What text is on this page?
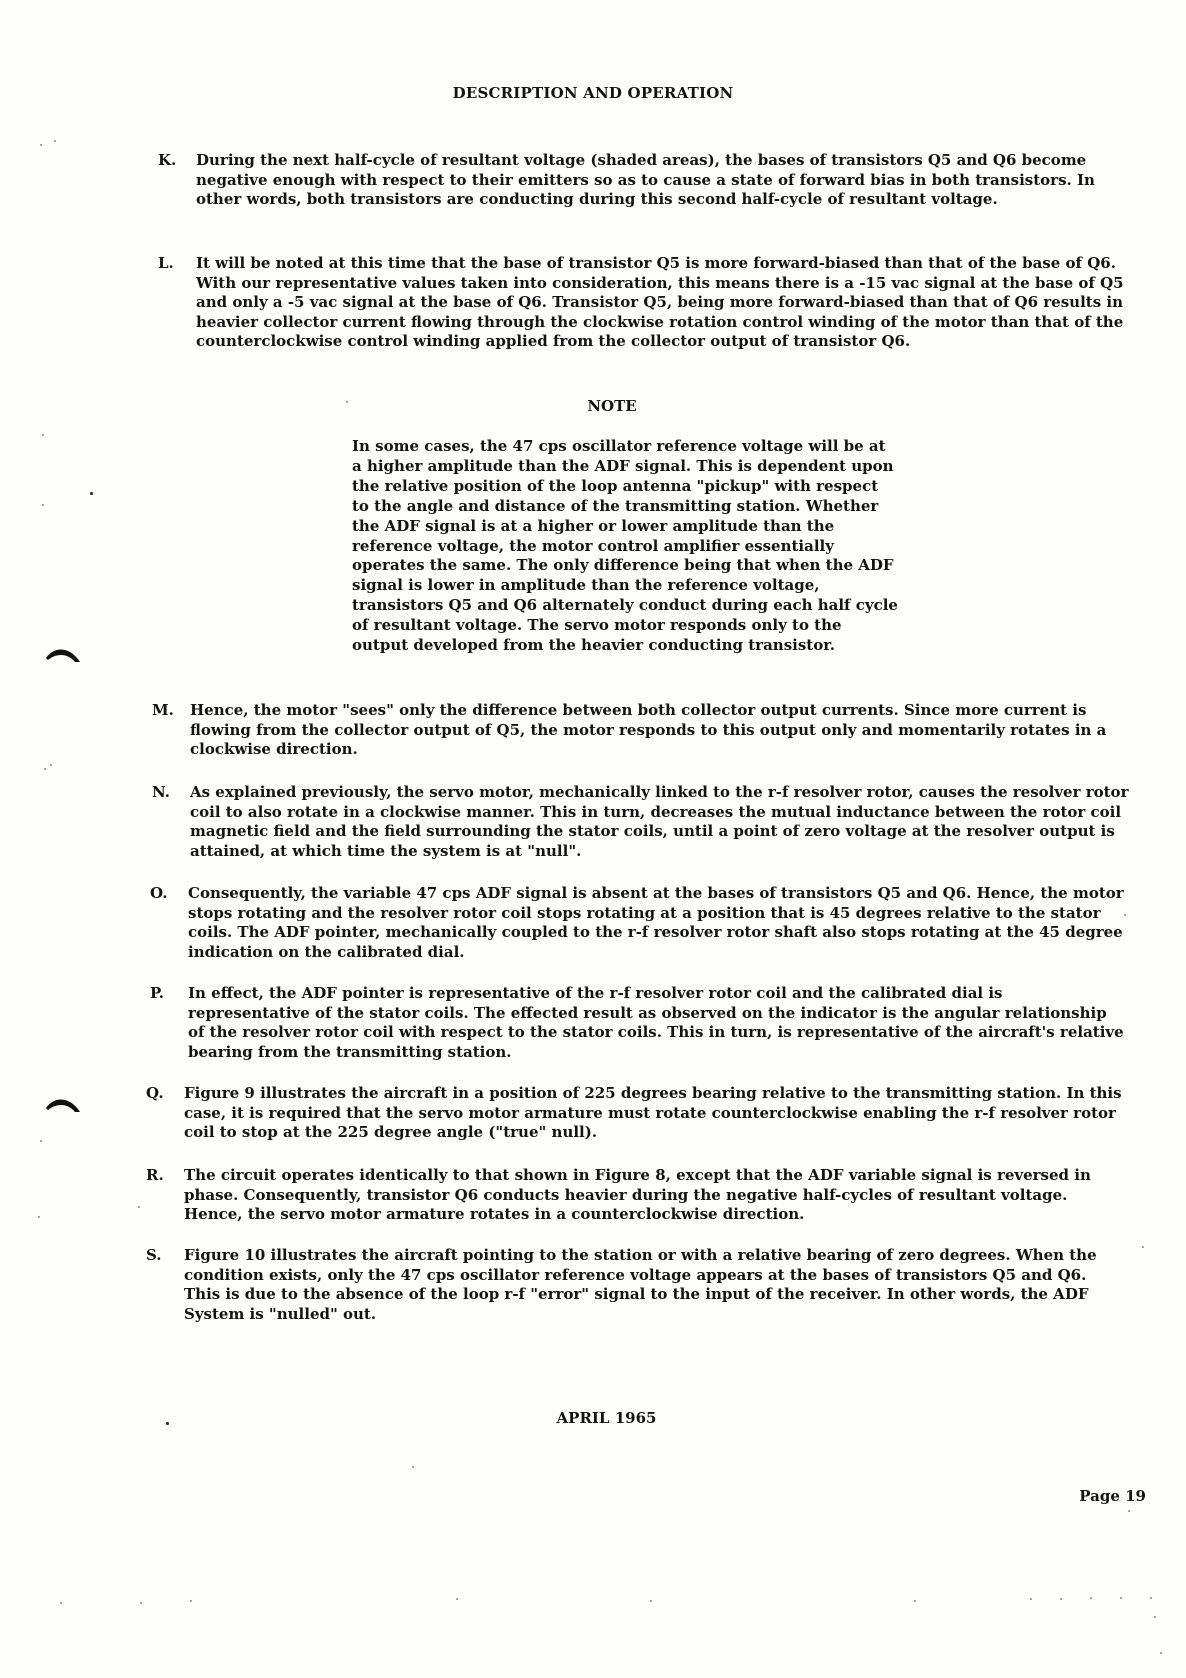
DESCRIPTION AND OPERATION
K.	During the next half-cycle of resultant voltage (shaded areas), the bases of transistors Q5 and Q6 become negative enough with respect to their emitters so as to cause a state of forward bias in both transistors. In other words, both transistors are conducting during this second half-cycle of resultant voltage.
L.	It will be noted at this time that the base of transistor Q5 is more forward-biased than that of the base of Q6. With our representative values taken into consideration, this means there is a -15 vac signal at the base of Q5 and only a -5 vac signal at the base of Q6. Transistor Q5, being more forward-biased than that of Q6 results in heavier collector current flowing through the clockwise rotation control winding of the motor than that of the counterclockwise control winding applied from the collector output of transistor Q6.
NOTE
In some cases, the 47 cps oscillator reference voltage will be at a higher amplitude than the ADF signal. This is dependent upon the relative position of the loop antenna "pickup" with respect to the angle and distance of the transmitting station. Whether the ADF signal is at a higher or lower amplitude than the reference voltage, the motor control amplifier essentially operates the same. The only difference being that when the ADF signal is lower in amplitude than the reference voltage, transistors Q5 and Q6 alternately conduct during each half cycle of resultant voltage. The servo motor responds only to the output developed from the heavier conducting transistor.
M.	Hence, the motor "sees" only the difference between both collector output currents. Since more current is flowing from the collector output of Q5, the motor responds to this output only and momentarily rotates in a clockwise direction.
N.	As explained previously, the servo motor, mechanically linked to the r-f resolver rotor, causes the resolver rotor coil to also rotate in a clockwise manner. This in turn, decreases the mutual inductance between the rotor coil magnetic field and the field surrounding the stator coils, until a point of zero voltage at the resolver output is attained, at which time the system is at "null".
O.	Consequently, the variable 47 cps ADF signal is absent at the bases of transistors Q5 and Q6. Hence, the motor stops rotating and the resolver rotor coil stops rotating at a position that is 45 degrees relative to the stator coils. The ADF pointer, mechanically coupled to the r-f resolver rotor shaft also stops rotating at the 45 degree indication on the calibrated dial.
P.	In effect, the ADF pointer is representative of the r-f resolver rotor coil and the calibrated dial is representative of the stator coils. The effected result as observed on the indicator is the angular relationship of the resolver rotor coil with respect to the stator coils. This in turn, is representative of the aircraft's relative bearing from the transmitting station.
Q.	Figure 9 illustrates the aircraft in a position of 225 degrees bearing relative to the transmitting station. In this case, it is required that the servo motor armature must rotate counterclockwise enabling the r-f resolver rotor coil to stop at the 225 degree angle ("true" null).
R.	The circuit operates identically to that shown in Figure 8, except that the ADF variable signal is reversed in phase. Consequently, transistor Q6 conducts heavier during the negative half-cycles of resultant voltage. Hence, the servo motor armature rotates in a counterclockwise direction.
S.	Figure 10 illustrates the aircraft pointing to the station or with a relative bearing of zero degrees. When the condition exists, only the 47 cps oscillator reference voltage appears at the bases of transistors Q5 and Q6. This is due to the absence of the loop r-f "error" signal to the input of the receiver. In other words, the ADF System is "nulled" out.
APRIL 1965
Page 19
